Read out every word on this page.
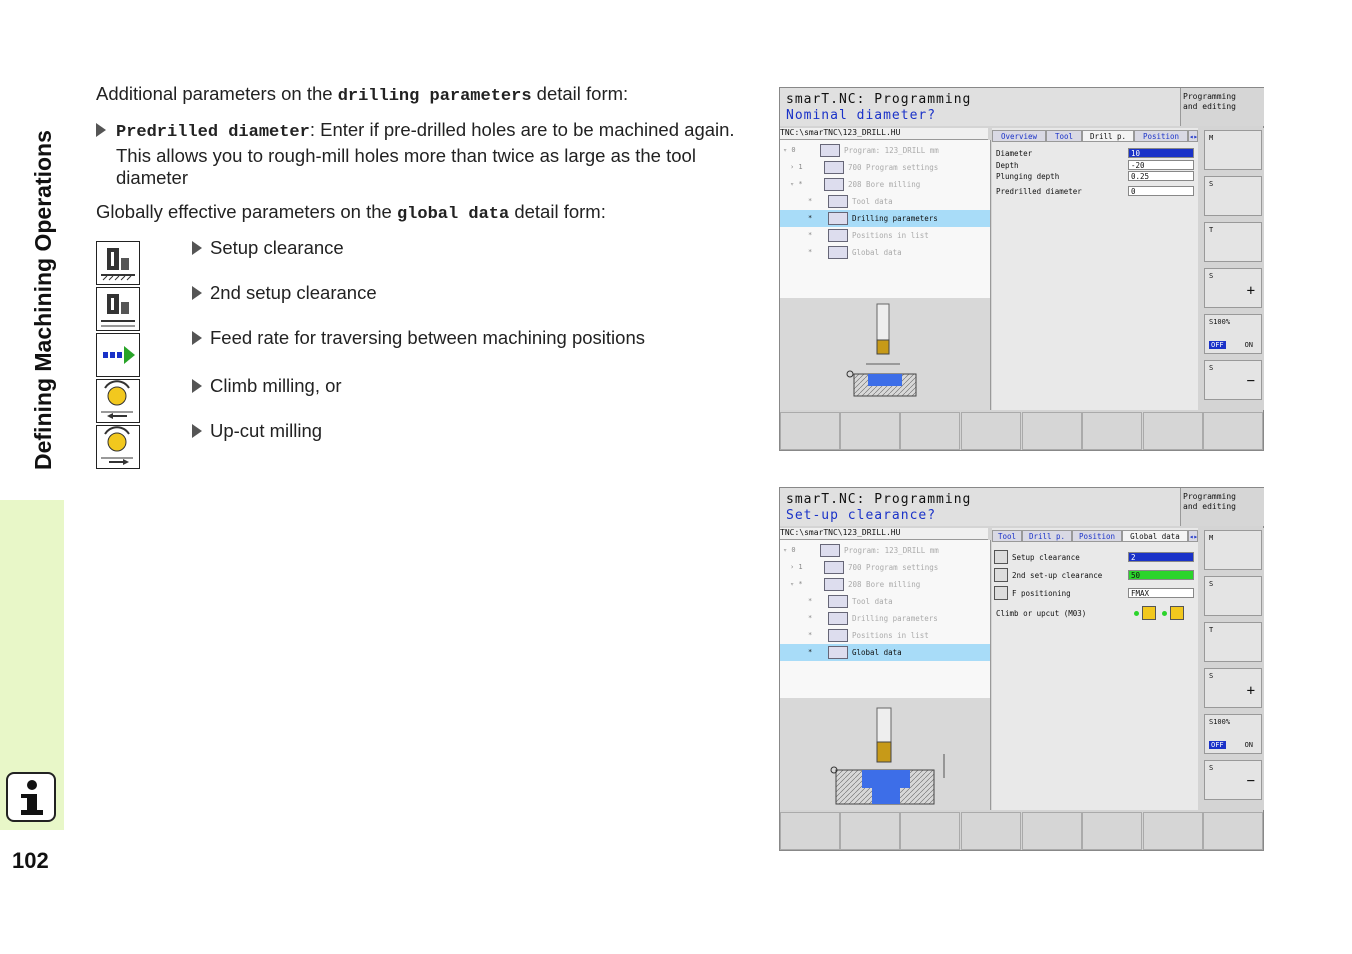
Defining Machining Operations
102
Additional parameters on the drilling parameters detail form:
Predrilled diameter: Enter if pre-drilled holes are to be machined again. This allows you to rough-mill holes more than twice as large as the tool diameter
Globally effective parameters on the global data detail form:
Setup clearance
2nd setup clearance
Feed rate for traversing between machining positions
Climb milling, or
Up-cut milling
smarT.NC: Programming
Nominal diameter?
Programming
and editing
TNC:\smarTNC\123_DRILL.HU
▿ 0	Program: 123_DRILL mm
› 1	700 Program settings
▿ *	208 Bore milling
*	Tool data
*	Drilling parameters
*	Positions in list
*	Global data
Overview	Tool	Drill p.	Position	◂▸
Diameter	10
Depth	-20
Plunging depth	0.25
Predrilled diameter	0
M
S
T
S
+
S100%
OFF	ON
S
−
smarT.NC: Programming
Set-up clearance?
Programming
and editing
TNC:\smarTNC\123_DRILL.HU
▿ 0	Program: 123_DRILL mm
› 1	700 Program settings
▿ *	208 Bore milling
*	Tool data
*	Drilling parameters
*	Positions in list
*	Global data
Tool	Drill p.	Position	Global data	◂▸
Setup clearance	2
2nd set-up clearance	50
F positioning	FMAX
Climb or upcut (M03)
M
S
T
S
+
S100%
OFF	ON
S
−
